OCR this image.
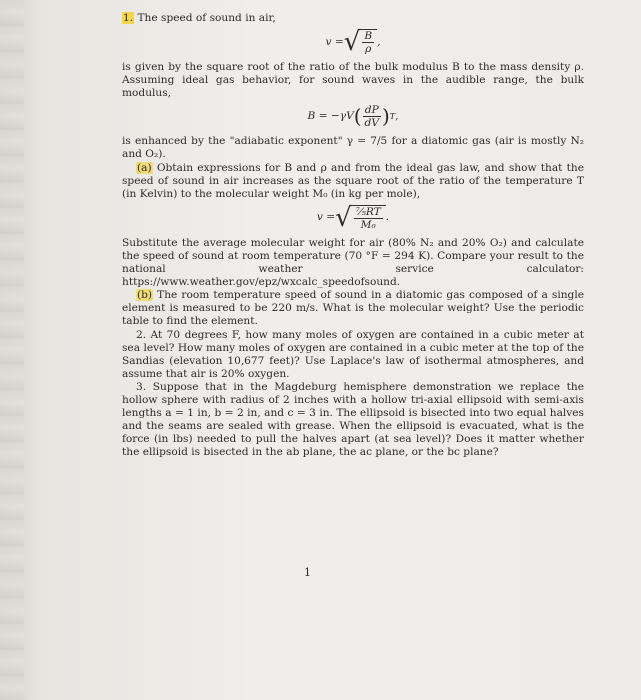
1. The speed of sound in air,

v = √ $\frac{B}{\rho}$ ,

is given by the square root of the ratio of the bulk modulus B to the mass density ρ. Assuming ideal gas behavior, for sound waves in the audible range, the bulk modulus,

B = −γV ( $\frac{dP}{dV}$ ) T ,

is enhanced by the "adiabatic exponent" γ = 7/5 for a diatomic gas (air is mostly N₂ and O₂).

(a) Obtain expressions for B and ρ and from the ideal gas law, and show that the speed of sound in air increases as the square root of the ratio of the temperature T (in Kelvin) to the molecular weight M₀ (in kg per mole),

v = √ $\frac{\text{⁷⁄₅RT}}{\text{M₀}}$ .

Substitute the average molecular weight for air (80% N₂ and 20% O₂) and calculate the speed of sound at room temperature (70 °F = 294 K). Compare your result to the national weather service calculator: https://www.weather.gov/epz/wxcalc_speedofsound.

(b) The room temperature speed of sound in a diatomic gas composed of a single element is measured to be 220 m/s. What is the molecular weight? Use the periodic table to find the element.

2. At 70 degrees F, how many moles of oxygen are contained in a cubic meter at sea level? How many moles of oxygen are contained in a cubic meter at the top of the Sandias (elevation 10,677 feet)? Use Laplace's law of isothermal atmospheres, and assume that air is 20% oxygen.

3. Suppose that in the Magdeburg hemisphere demonstration we replace the hollow sphere with radius of 2 inches with a hollow tri-axial ellipsoid with semi-axis lengths a = 1 in, b = 2 in, and c = 3 in. The ellipsoid is bisected into two equal halves and the seams are sealed with grease. When the ellipsoid is evacuated, what is the force (in lbs) needed to pull the halves apart (at sea level)? Does it matter whether the ellipsoid is bisected in the ab plane, the ac plane, or the bc plane?

1
